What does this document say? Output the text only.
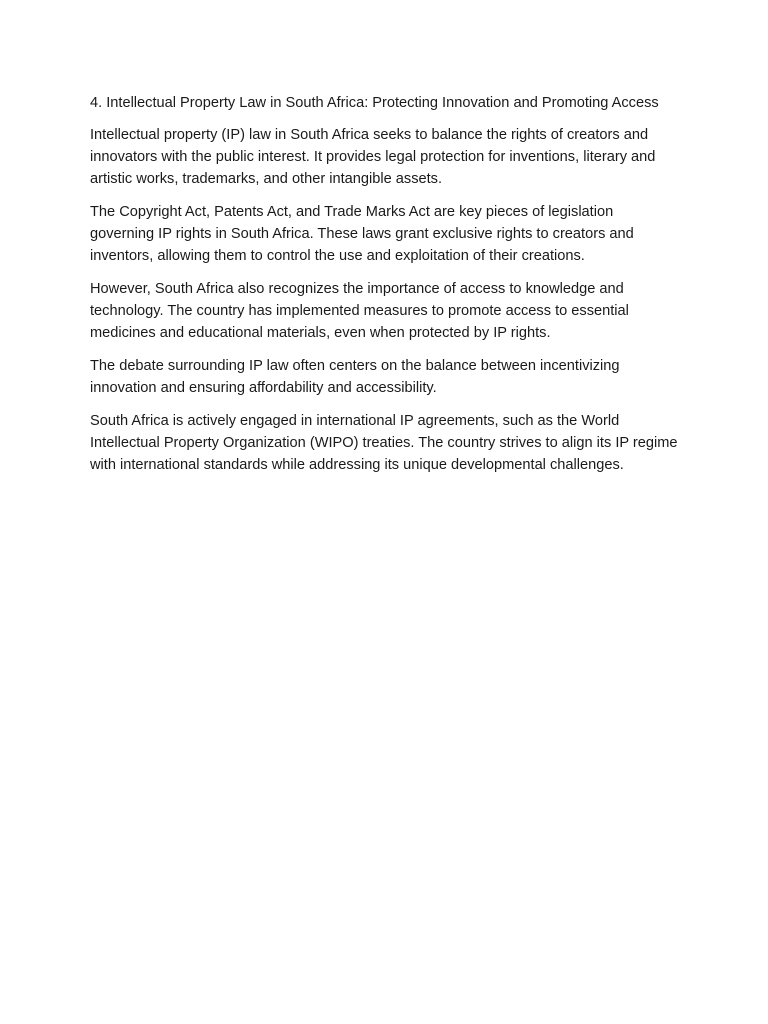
4. Intellectual Property Law in South Africa: Protecting Innovation and Promoting Access

Intellectual property (IP) law in South Africa seeks to balance the rights of creators and innovators with the public interest. It provides legal protection for inventions, literary and artistic works, trademarks, and other intangible assets.

The Copyright Act, Patents Act, and Trade Marks Act are key pieces of legislation governing IP rights in South Africa. These laws grant exclusive rights to creators and inventors, allowing them to control the use and exploitation of their creations.

However, South Africa also recognizes the importance of access to knowledge and technology. The country has implemented measures to promote access to essential medicines and educational materials, even when protected by IP rights.

The debate surrounding IP law often centers on the balance between incentivizing innovation and ensuring affordability and accessibility.

South Africa is actively engaged in international IP agreements, such as the World Intellectual Property Organization (WIPO) treaties. The country strives to align its IP regime with international standards while addressing its unique developmental challenges.
